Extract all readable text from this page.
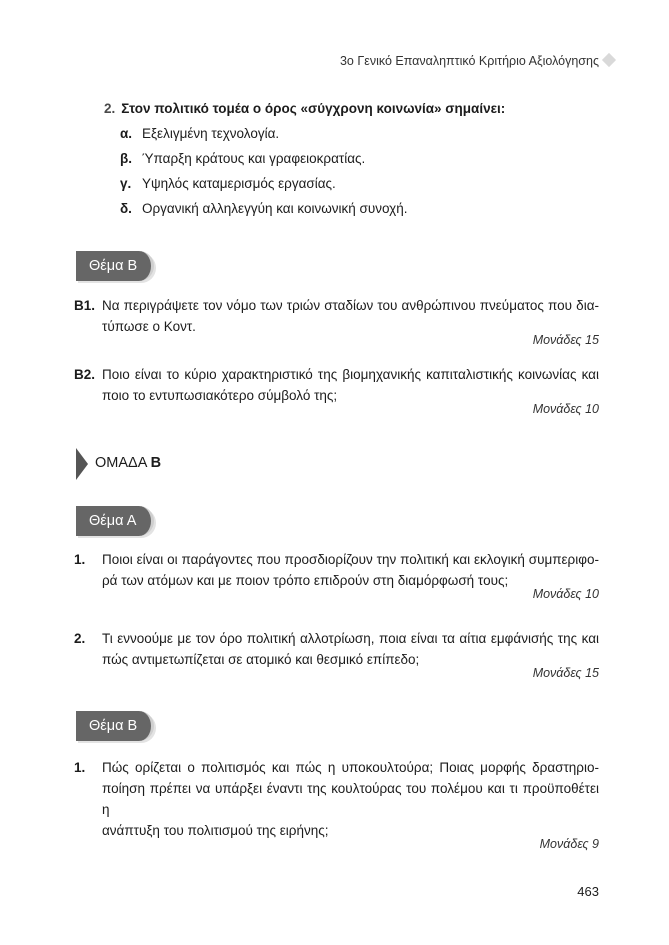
3ο Γενικό Επαναληπτικό Κριτήριο Αξιολόγησης
2. Στον πολιτικό τομέα ο όρος «σύγχρονη κοινωνία» σημαίνει:
α. Εξελιγμένη τεχνολογία.
β. Ύπαρξη κράτους και γραφειοκρατίας.
γ. Υψηλός καταμερισμός εργασίας.
δ. Οργανική αλληλεγγύη και κοινωνική συνοχή.
Θέμα Β
Β1. Να περιγράψετε τον νόμο των τριών σταδίων του ανθρώπινου πνεύματος που δια-
τύπωσε ο Κοντ.
Μονάδες 15
Β2. Ποιο είναι το κύριο χαρακτηριστικό της βιομηχανικής καπιταλιστικής κοινωνίας και
ποιο το εντυπωσιακότερο σύμβολό της;
Μονάδες 10
ΟΜΑΔΑ Β
Θέμα Α
1. Ποιοι είναι οι παράγοντες που προσδιορίζουν την πολιτική και εκλογική συμπεριφο-
ρά των ατόμων και με ποιον τρόπο επιδρούν στη διαμόρφωσή τους;
Μονάδες 10
2. Τι εννοούμε με τον όρο πολιτική αλλοτρίωση, ποια είναι τα αίτια εμφάνισής της και
πώς αντιμετωπίζεται σε ατομικό και θεσμικό επίπεδο;
Μονάδες 15
Θέμα Β
1. Πώς ορίζεται ο πολιτισμός και πώς η υποκουλτούρα; Ποιας μορφής δραστηριο-
ποίηση πρέπει να υπάρξει έναντι της κουλτούρας του πολέμου και τι προϋποθέτει η
ανάπτυξη του πολιτισμού της ειρήνης;
Μονάδες 9
463
